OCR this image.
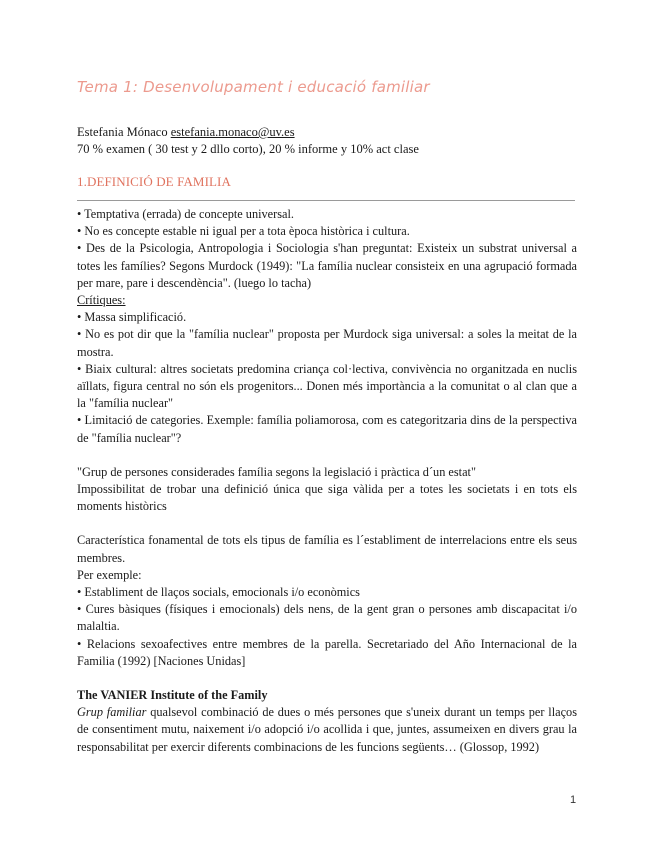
Tema 1: Desenvolupament i educació familiar
Estefania Mónaco estefania.monaco@uv.es
70 % examen ( 30 test y 2 dllo corto), 20 % informe y 10% act clase
1.DEFINICIÓ DE FAMILIA

• Temptativa (errada) de concepte universal.

• No es concepte estable ni igual per a tota època històrica i cultura.

• Des de la Psicologia, Antropologia i Sociologia s'han preguntat: Existeix un substrat universal a totes les famílies? Segons Murdock (1949): "La família nuclear consisteix en una agrupació formada per mare, pare i descendència". (luego lo tacha)

Crítiques:

• Massa simplificació.

• No es pot dir que la "família nuclear" proposta per Murdock siga universal: a soles la meitat de la mostra.

• Biaix cultural: altres societats predomina criança col·lectiva, convivència no organitzada en nuclis aïllats, figura central no són els progenitors... Donen més importància a la comunitat o al clan que a la "família nuclear"

• Limitació de categories. Exemple: família poliamorosa, com es categoritzaria dins de la perspectiva de "família nuclear"?

"Grup de persones considerades família segons la legislació i pràctica d´un estat"

Impossibilitat de trobar una definició única que siga vàlida per a totes les societats i en tots els moments històrics

Característica fonamental de tots els tipus de família es l´establiment de interrelacions entre els seus membres.

Per exemple:

• Establiment de llaços socials, emocionals i/o econòmics

• Cures bàsiques (físiques i emocionals) dels nens, de la gent gran o persones amb discapacitat i/o malaltia.

• Relacions sexoafectives entre membres de la parella. Secretariado del Año Internacional de la Familia (1992) [Naciones Unidas]

The VANIER Institute of the Family

Grup familiar qualsevol combinació de dues o més persones que s'uneix durant un temps per llaços de consentiment mutu, naixement i/o adopció i/o acollida i que, juntes, assumeixen en divers grau la responsabilitat per exercir diferents combinacions de les funcions següents… (Glossop, 1992)

1
